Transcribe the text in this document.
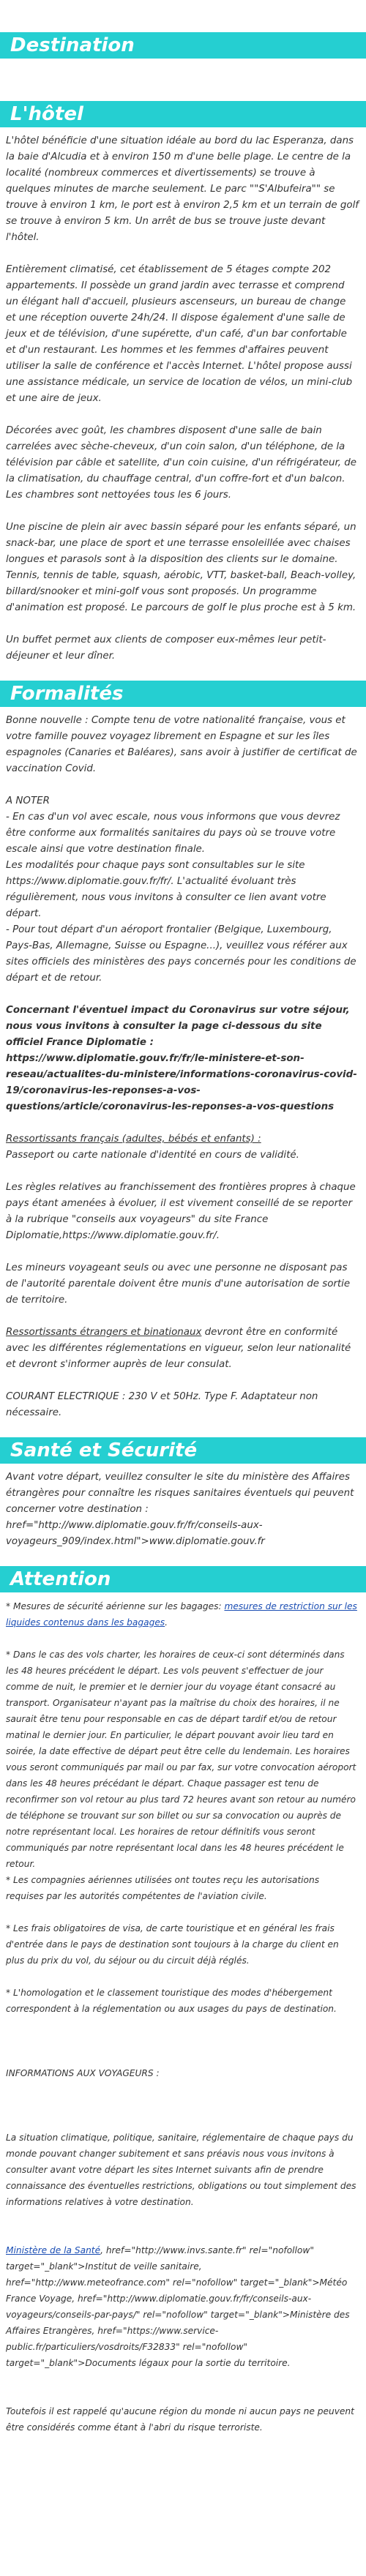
Destination
L'hôtel

L'hôtel bénéficie d'une situation idéale au bord du lac Esperanza, dans la baie d'Alcudia et à environ 150 m d'une belle plage. Le centre de la localité (nombreux commerces et divertissements) se trouve à quelques minutes de marche seulement. Le parc ""S'Albufeira"" se trouve à environ 1 km, le port est à environ 2,5 km et un terrain de golf se trouve à environ 5 km. Un arrêt de bus se trouve juste devant l'hôtel.

Entièrement climatisé, cet établissement de 5 étages compte 202 appartements. Il possède un grand jardin avec terrasse et comprend un élégant hall d'accueil, plusieurs ascenseurs, un bureau de change et une réception ouverte 24h/24. Il dispose également d'une salle de jeux et de télévision, d'une supérette, d'un café, d'un bar confortable et d'un restaurant. Les hommes et les femmes d'affaires peuvent utiliser la salle de conférence et l'accès Internet. L'hôtel propose aussi une assistance médicale, un service de location de vélos, un mini-club et une aire de jeux.

Décorées avec goût, les chambres disposent d'une salle de bain carrelées avec sèche-cheveux, d'un coin salon, d'un téléphone, de la télévision par câble et satellite, d'un coin cuisine, d'un réfrigérateur, de la climatisation, du chauffage central, d'un coffre-fort et d'un balcon. Les chambres sont nettoyées tous les 6 jours.

Une piscine de plein air avec bassin séparé pour les enfants séparé, un snack-bar, une place de sport et une terrasse ensoleillée avec chaises longues et parasols sont à la disposition des clients sur le domaine. Tennis, tennis de table, squash, aérobic, VTT, basket-ball, Beach-volley, billard/snooker et mini-golf vous sont proposés. Un programme d'animation est proposé. Le parcours de golf le plus proche est à 5 km.

Un buffet permet aux clients de composer eux-mêmes leur petit-déjeuner et leur dîner.

Formalités

Bonne nouvelle : Compte tenu de votre nationalité française, vous et votre famille pouvez voyagez librement en Espagne et sur les îles espagnoles (Canaries et Baléares), sans avoir à justifier de certificat de vaccination Covid.

A NOTER

- En cas d'un vol avec escale, nous vous informons que vous devrez être conforme aux formalités sanitaires du pays où se trouve votre escale ainsi que votre destination finale.

Les modalités pour chaque pays sont consultables sur le site https://www.diplomatie.gouv.fr/fr/. L'actualité évoluant très régulièrement, nous vous invitons à consulter ce lien avant votre départ.

- Pour tout départ d'un aéroport frontalier (Belgique, Luxembourg, Pays-Bas, Allemagne, Suisse ou Espagne...), veuillez vous référer aux sites officiels des ministères des pays concernés pour les conditions de départ et de retour.

Concernant l'éventuel impact du Coronavirus sur votre séjour, nous vous invitons à consulter la page ci-dessous du site officiel France Diplomatie : https://www.diplomatie.gouv.fr/fr/le-ministere-et-son-reseau/actualites-du-ministere/informations-coronavirus-covid-19/coronavirus-les-reponses-a-vos-questions/article/coronavirus-les-reponses-a-vos-questions

Ressortissants français (adultes, bébés et enfants) :

Passeport ou carte nationale d'identité en cours de validité.

Les règles relatives au franchissement des frontières propres à chaque pays étant amenées à évoluer, il est vivement conseillé de se reporter à la rubrique "conseils aux voyageurs" du site France Diplomatie,https://www.diplomatie.gouv.fr/.

Les mineurs voyageant seuls ou avec une personne ne disposant pas de l'autorité parentale doivent être munis d'une autorisation de sortie de territoire.

Ressortissants étrangers et binationaux devront être en conformité avec les différentes réglementations en vigueur, selon leur nationalité et devront s'informer auprès de leur consulat.

COURANT ELECTRIQUE : 230 V et 50Hz. Type F. Adaptateur non nécessaire.

Santé et Sécurité

Avant votre départ, veuillez consulter le site du ministère des Affaires étrangères pour connaître les risques sanitaires éventuels qui peuvent concerner votre destination : href="http://www.diplomatie.gouv.fr/fr/conseils-aux-voyageurs_909/index.html">www.diplomatie.gouv.fr

Attention

* Mesures de sécurité aérienne sur les bagages: mesures de restriction sur les liquides contenus dans les bagages.

* Dans le cas des vols charter, les horaires de ceux-ci sont déterminés dans les 48 heures précédent le départ. Les vols peuvent s'effectuer de jour comme de nuit, le premier et le dernier jour du voyage étant consacré au transport. Organisateur n'ayant pas la maîtrise du choix des horaires, il ne saurait être tenu pour responsable en cas de départ tardif et/ou de retour matinal le dernier jour. En particulier, le départ pouvant avoir lieu tard en soirée, la date effective de départ peut être celle du lendemain. Les horaires vous seront communiqués par mail ou par fax, sur votre convocation aéroport dans les 48 heures précédant le départ. Chaque passager est tenu de reconfirmer son vol retour au plus tard 72 heures avant son retour au numéro de téléphone se trouvant sur son billet ou sur sa convocation ou auprès de notre représentant local. Les horaires de retour définitifs vous seront communiqués par notre représentant local dans les 48 heures précédent le retour.

* Les compagnies aériennes utilisées ont toutes reçu les autorisations requises par les autorités compétentes de l'aviation civile.

* Les frais obligatoires de visa, de carte touristique et en général les frais d'entrée dans le pays de destination sont toujours à la charge du client en plus du prix du vol, du séjour ou du circuit déjà réglés.

* L'homologation et le classement touristique des modes d'hébergement correspondent à la réglementation ou aux usages du pays de destination.

INFORMATIONS AUX VOYAGEURS :

La situation climatique, politique, sanitaire, réglementaire de chaque pays du monde pouvant changer subitement et sans préavis nous vous invitons à consulter avant votre départ les sites Internet suivants afin de prendre connaissance des éventuelles restrictions, obligations ou tout simplement des informations relatives à votre destination.

Ministère de la Santé, href="http://www.invs.sante.fr" rel="nofollow" target="_blank">Institut de veille sanitaire, href="http://www.meteofrance.com" rel="nofollow" target="_blank">Météo France Voyage, href="http://www.diplomatie.gouv.fr/fr/conseils-aux-voyageurs/conseils-par-pays/" rel="nofollow" target="_blank">Ministère des Affaires Etrangères, href="https://www.service-public.fr/particuliers/vosdroits/F32833" rel="nofollow" target="_blank">Documents légaux pour la sortie du territoire.

Toutefois il est rappelé qu'aucune région du monde ni aucun pays ne peuvent être considérés comme étant à l'abri du risque terroriste.
